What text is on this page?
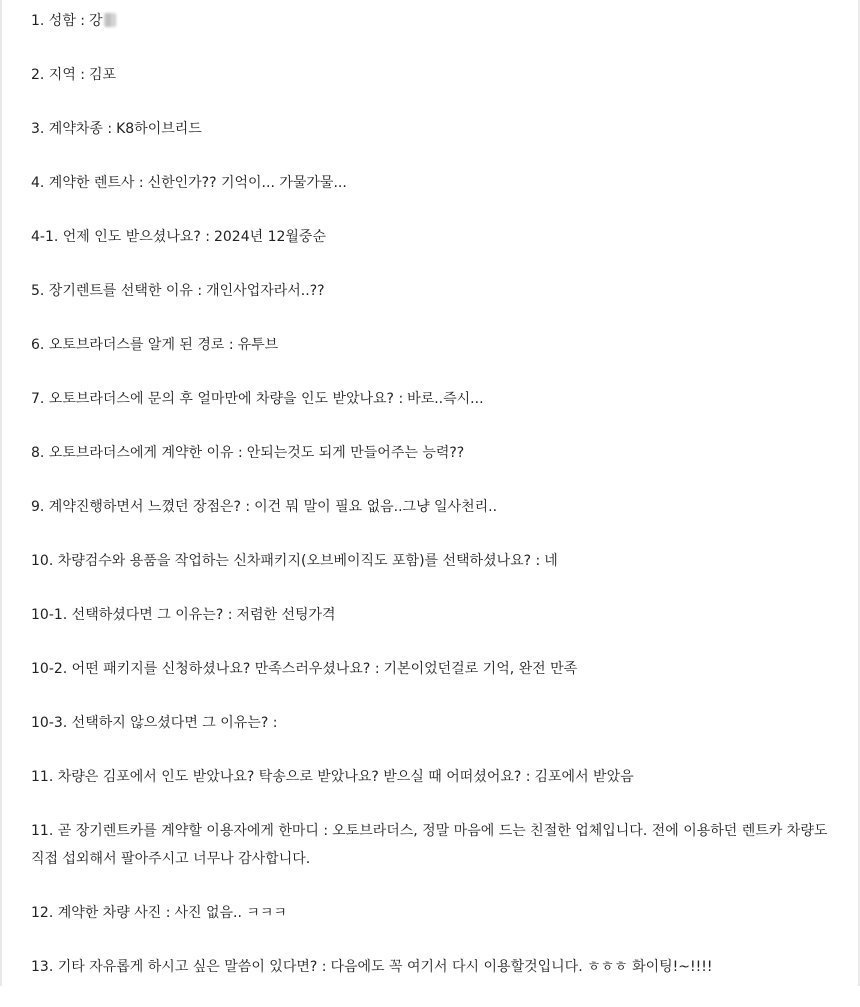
1. 성함 : 강

2. 지역 : 김포

3. 계약차종 : K8하이브리드

4. 계약한 렌트사 : 신한인가?? 기억이... 가물가물...

4-1. 언제 인도 받으셨나요? : 2024년 12월중순

5. 장기렌트를 선택한 이유 : 개인사업자라서..??

6. 오토브라더스를 알게 된 경로 : 유투브

7. 오토브라더스에 문의 후 얼마만에 차량을 인도 받았나요? : 바로..즉시...

8. 오토브라더스에게 계약한 이유 : 안되는것도 되게 만들어주는 능력??

9. 계약진행하면서 느꼈던 장점은? : 이건 뭐 말이 필요 없음..그냥 일사천리..

10. 차량검수와 용품을 작업하는 신차패키지(오브베이직도 포함)를 선택하셨나요? : 네

10-1. 선택하셨다면 그 이유는? : 저렴한 선팅가격

10-2. 어떤 패키지를 신청하셨나요? 만족스러우셨나요? : 기본이었던걸로 기억, 완전 만족

10-3. 선택하지 않으셨다면 그 이유는? :

11. 차량은 김포에서 인도 받았나요? 탁송으로 받았나요? 받으실 때 어떠셨어요? : 김포에서 받았음

11. 곧 장기렌트카를 계약할 이용자에게 한마디 : 오토브라더스, 정말 마음에 드는 친절한 업체입니다. 전에 이용하던 렌트카 차량도 직접 섭외해서 팔아주시고 너무나 감사합니다.

12. 계약한 차량 사진 : 사진 없음.. ㅋㅋㅋ

13. 기타 자유롭게 하시고 싶은 말씀이 있다면? : 다음에도 꼭 여기서 다시 이용할것입니다. ㅎㅎㅎ 화이팅!~!!!!
